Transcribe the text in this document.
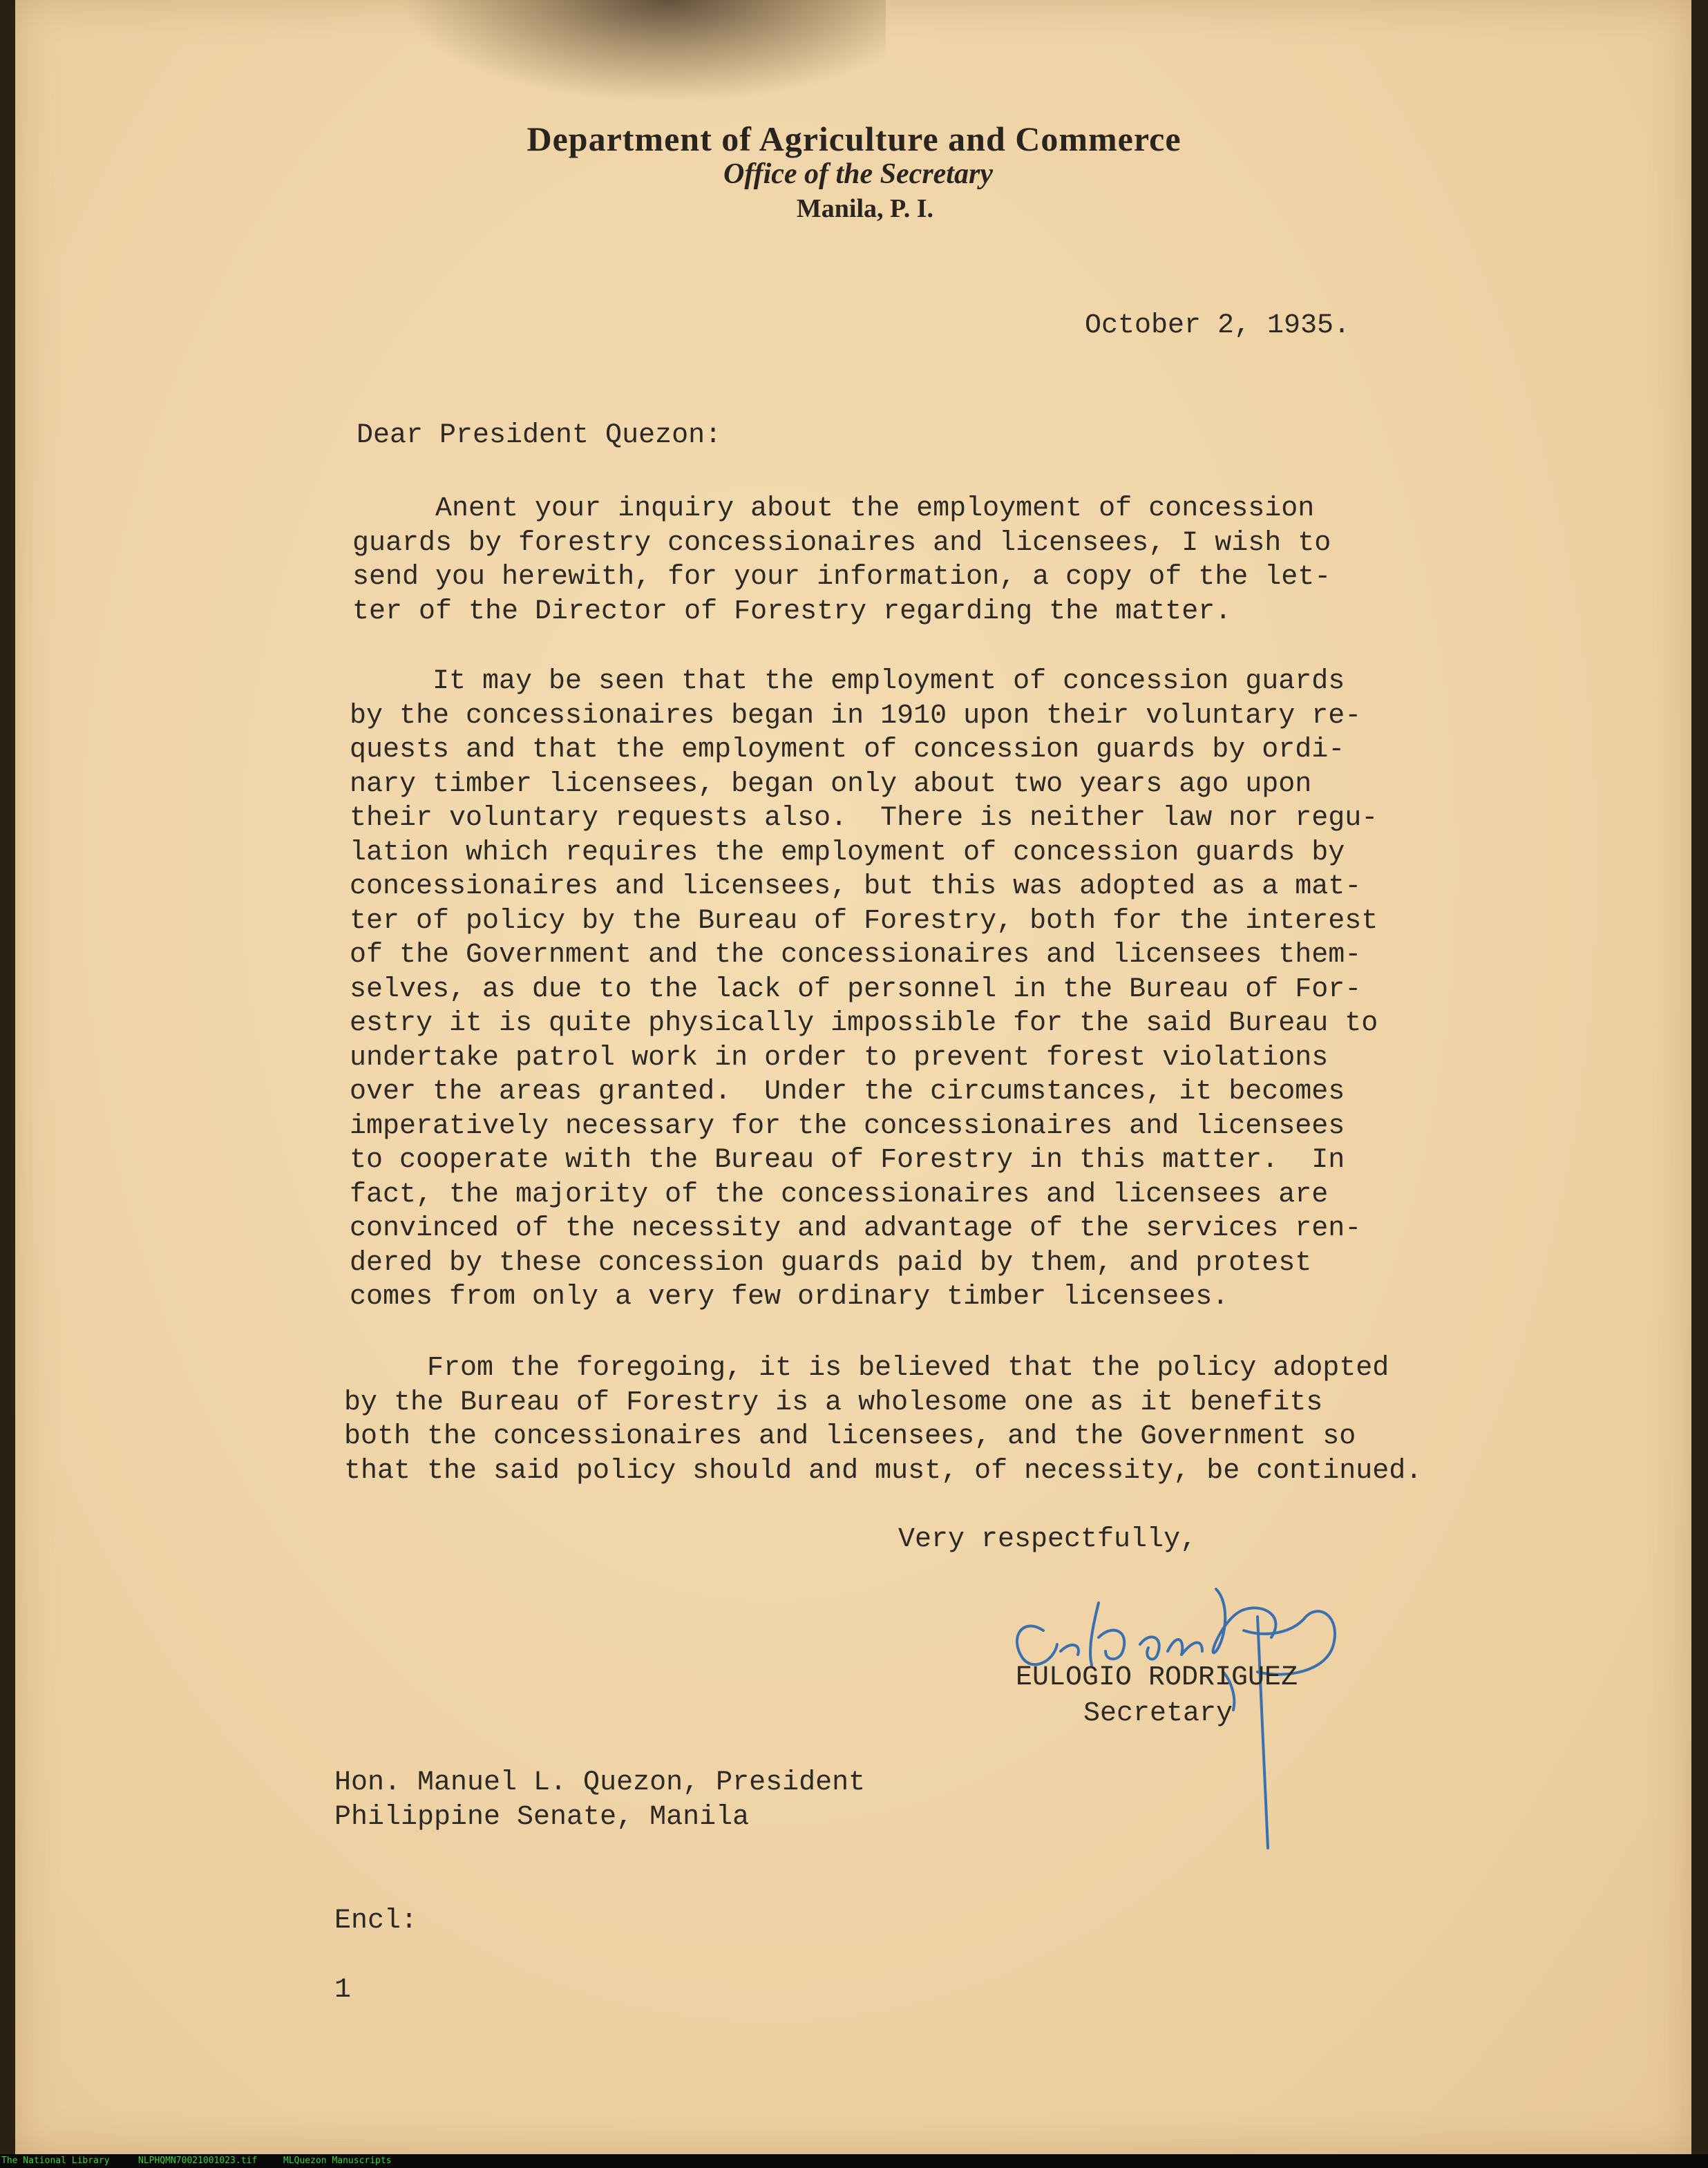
Department of Agriculture and Commerce
Office of the Secretary
Manila, P. I.
October 2, 1935.
Dear President Quezon:
Anent your inquiry about the employment of concession
guards by forestry concessionaires and licensees, I wish to
send you herewith, for your information, a copy of the let-
ter of the Director of Forestry regarding the matter.
It may be seen that the employment of concession guards
by the concessionaires began in 1910 upon their voluntary re-
quests and that the employment of concession guards by ordi-
nary timber licensees, began only about two years ago upon
their voluntary requests also.  There is neither law nor regu-
lation which requires the employment of concession guards by
concessionaires and licensees, but this was adopted as a mat-
ter of policy by the Bureau of Forestry, both for the interest
of the Government and the concessionaires and licensees them-
selves, as due to the lack of personnel in the Bureau of For-
estry it is quite physically impossible for the said Bureau to
undertake patrol work in order to prevent forest violations
over the areas granted.  Under the circumstances, it becomes
imperatively necessary for the concessionaires and licensees
to cooperate with the Bureau of Forestry in this matter.  In
fact, the majority of the concessionaires and licensees are
convinced of the necessity and advantage of the services ren-
dered by these concession guards paid by them, and protest
comes from only a very few ordinary timber licensees.
From the foregoing, it is believed that the policy adopted
by the Bureau of Forestry is a wholesome one as it benefits
both the concessionaires and licensees, and the Government so
that the said policy should and must, of necessity, be continued.
Very respectfully,
EULOGIO RODRIGUEZ
Secretary
Hon. Manuel L. Quezon, President
Philippine Senate, Manila
Encl:
1
The National Library	NLPHQMN70021001023.tif	MLQuezon Manuscripts
